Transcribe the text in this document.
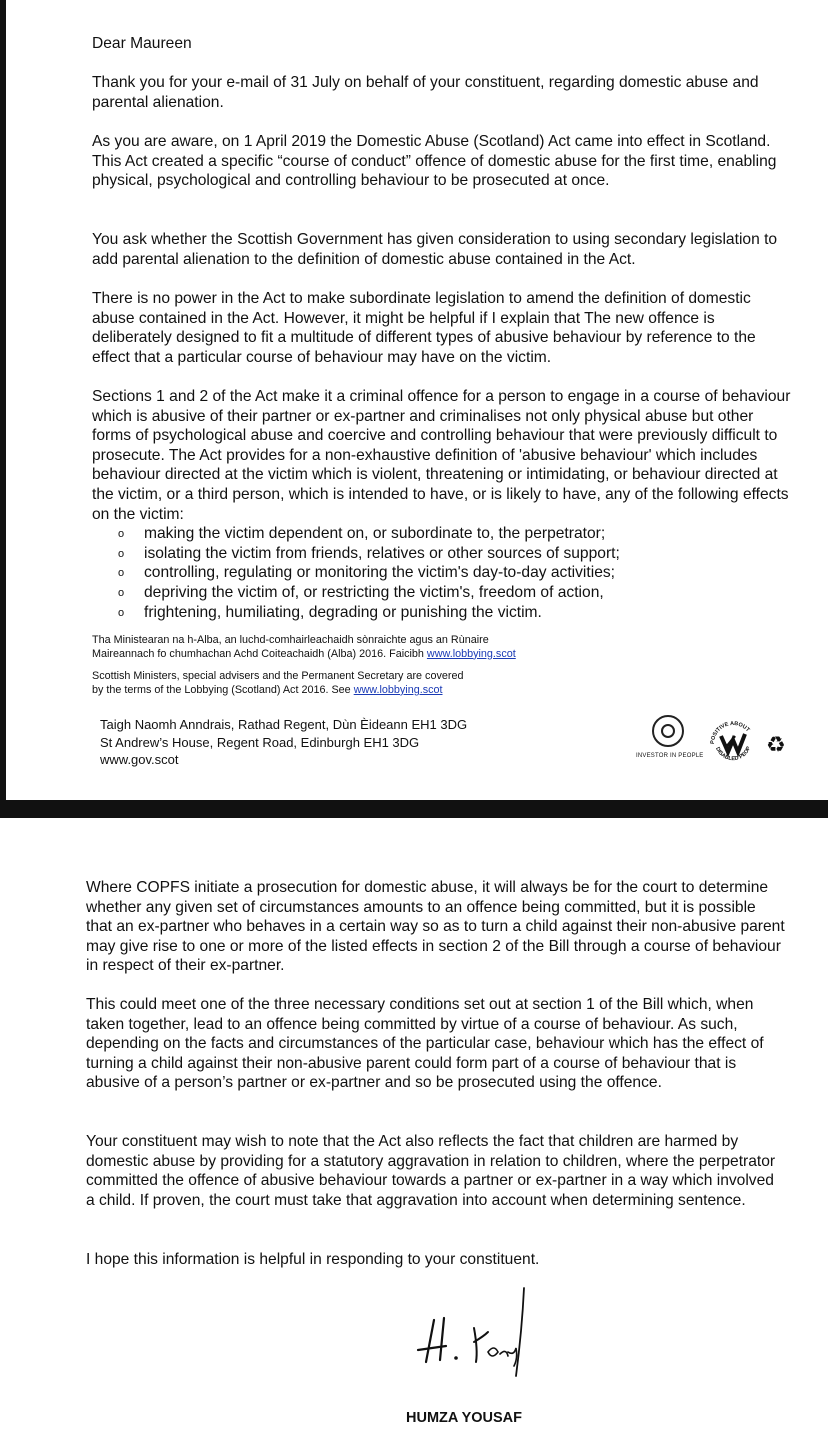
Dear Maureen

Thank you for your e-mail of 31 July on behalf of your constituent, regarding domestic abuse and parental alienation.

As you are aware, on 1 April 2019 the Domestic Abuse (Scotland) Act came into effect in Scotland. This Act created a specific “course of conduct” offence of domestic abuse for the first time, enabling physical, psychological and controlling behaviour to be prosecuted at once.

You ask whether the Scottish Government has given consideration to using secondary legislation to add parental alienation to the definition of domestic abuse contained in the Act.

There is no power in the Act to make subordinate legislation to amend the definition of domestic abuse contained in the Act. However, it might be helpful if I explain that The new offence is deliberately designed to fit a multitude of different types of abusive behaviour by reference to the effect that a particular course of behaviour may have on the victim.

Sections 1 and 2 of the Act make it a criminal offence for a person to engage in a course of behaviour which is abusive of their partner or ex-partner and criminalises not only physical abuse but other forms of psychological abuse and coercive and controlling behaviour that were previously difficult to prosecute. The Act provides for a non-exhaustive definition of 'abusive behaviour' which includes behaviour directed at the victim which is violent, threatening or intimidating, or behaviour directed at the victim, or a third person, which is intended to have, or is likely to have, any of the following effects on the victim:

o making the victim dependent on, or subordinate to, the perpetrator;
o isolating the victim from friends, relatives or other sources of support;
o controlling, regulating or monitoring the victim's day-to-day activities;
o depriving the victim of, or restricting the victim's, freedom of action,
o frightening, humiliating, degrading or punishing the victim.
Tha Ministearan na h-Alba, an luchd-comhairleachaidh sònraichte agus an Rùnaire
Maireannach fo chumhachan Achd Coiteachaidh (Alba) 2016. Faicibh www.lobbying.scot
Scottish Ministers, special advisers and the Permanent Secretary are covered
by the terms of the Lobbying (Scotland) Act 2016. See www.lobbying.scot
Taigh Naomh Anndrais, Rathad Regent, Dùn Èideann EH1 3DG
St Andrew’s House, Regent Road, Edinburgh EH1 3DG
www.gov.scot	INVESTOR IN PEOPLE
POSITIVE ABOUT
DISABLED PEOP ♻

Where COPFS initiate a prosecution for domestic abuse, it will always be for the court to determine whether any given set of circumstances amounts to an offence being committed, but it is possible that an ex-partner who behaves in a certain way so as to turn a child against their non-abusive parent may give rise to one or more of the listed effects in section 2 of the Bill through a course of behaviour in respect of their ex-partner.

This could meet one of the three necessary conditions set out at section 1 of the Bill which, when taken together, lead to an offence being committed by virtue of a course of behaviour. As such, depending on the facts and circumstances of the particular case, behaviour which has the effect of turning a child against their non-abusive parent could form part of a course of behaviour that is abusive of a person’s partner or ex-partner and so be prosecuted using the offence.

Your constituent may wish to note that the Act also reflects the fact that children are harmed by domestic abuse by providing for a statutory aggravation in relation to children, where the perpetrator committed the offence of abusive behaviour towards a partner or ex-partner in a way which involved a child. If proven, the court must take that aggravation into account when determining sentence.

I hope this information is helpful in responding to your constituent.

HUMZA YOUSAF
